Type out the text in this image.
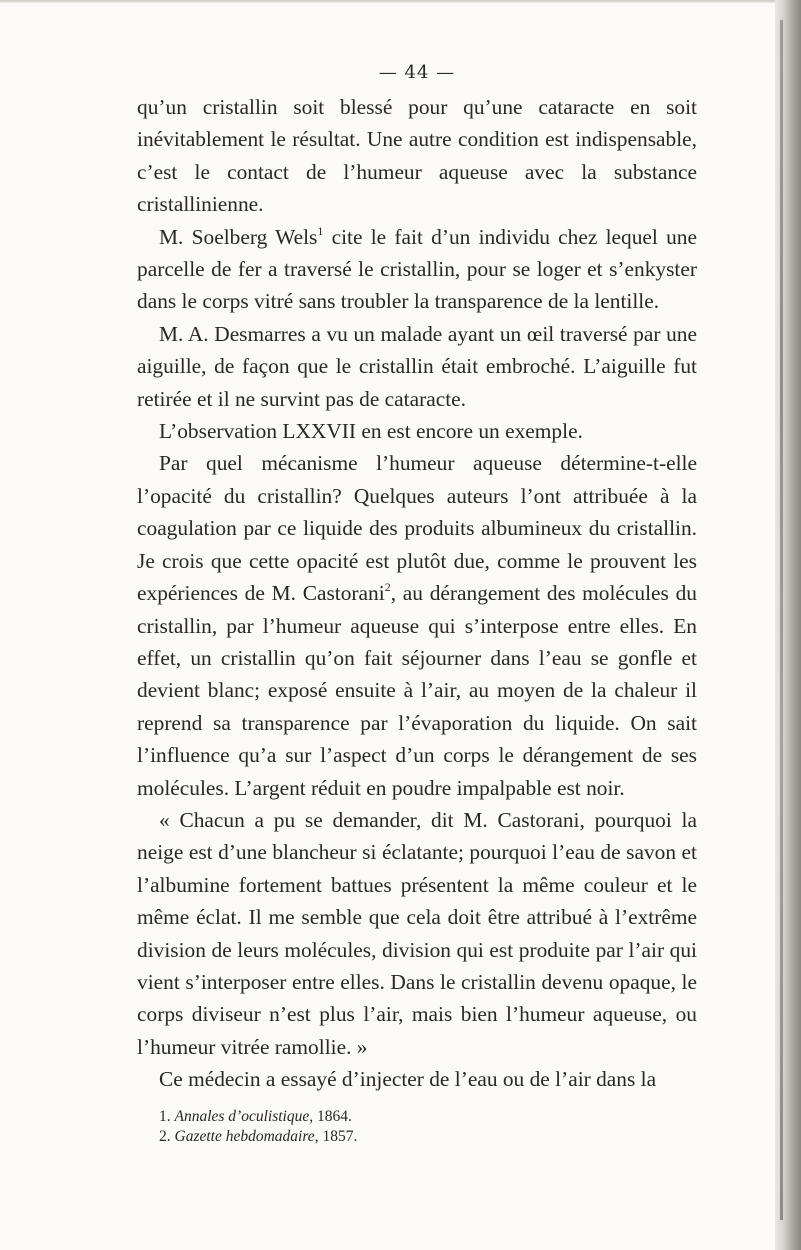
— 44 —

qu’un cristallin soit blessé pour qu’une cataracte en soit inévitablement le résultat. Une autre condition est indispensable, c’est le contact de l’humeur aqueuse avec la substance cristallinienne.

M. Soelberg Wels$^1$ cite le fait d’un individu chez lequel une parcelle de fer a traversé le cristallin, pour se loger et s’enkyster dans le corps vitré sans troubler la transparence de la lentille.

M. A. Desmarres a vu un malade ayant un œil traversé par une aiguille, de façon que le cristallin était embroché. L’aiguille fut retirée et il ne survint pas de cataracte.

L’observation LXXVII en est encore un exemple.

Par quel mécanisme l’humeur aqueuse détermine-t-elle l’opacité du cristallin? Quelques auteurs l’ont attribuée à la coagulation par ce liquide des produits albumineux du cristallin. Je crois que cette opacité est plutôt due, comme le prouvent les expériences de M. Castorani$^2$, au dérangement des molécules du cristallin, par l’humeur aqueuse qui s’interpose entre elles. En effet, un cristallin qu’on fait séjourner dans l’eau se gonfle et devient blanc; exposé ensuite à l’air, au moyen de la chaleur il reprend sa transparence par l’évaporation du liquide. On sait l’influence qu’a sur l’aspect d’un corps le dérangement de ses molécules. L’argent réduit en poudre impalpable est noir.

« Chacun a pu se demander, dit M. Castorani, pourquoi la neige est d’une blancheur si éclatante; pourquoi l’eau de savon et l’albumine fortement battues présentent la même couleur et le même éclat. Il me semble que cela doit être attribué à l’extrême division de leurs molécules, division qui est produite par l’air qui vient s’interposer entre elles. Dans le cristallin devenu opaque, le corps diviseur n’est plus l’air, mais bien l’humeur aqueuse, ou l’humeur vitrée ramollie. »

Ce médecin a essayé d’injecter de l’eau ou de l’air dans la

1. Annales d’oculistique, 1864.
2. Gazette hebdomadaire, 1857.
